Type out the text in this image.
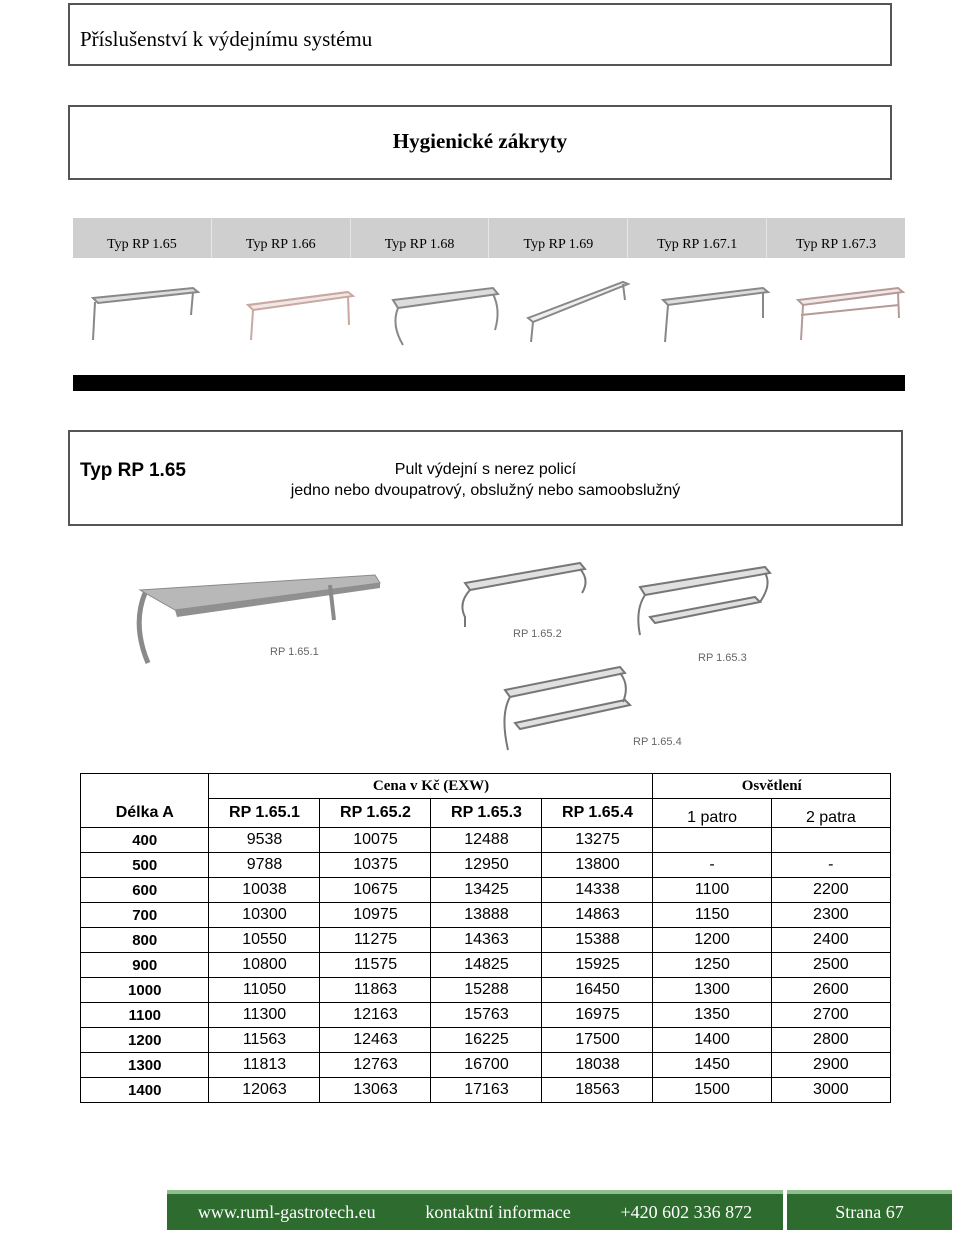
Příslušenství k výdejnímu systému
Hygienické zákryty
Typ RP 1.65	Typ RP 1.66	Typ RP 1.68	Typ RP 1.69	Typ RP 1.67.1	Typ RP 1.67.3
Typ RP 1.65	Pult výdejní s nerez policí
jedno nebo dvoupatrový, obslužný nebo samoobslužný
RP 1.65.1
RP 1.65.2
RP 1.65.3
RP 1.65.4
	Cena v Kč (EXW)				Osvětlení	
Délka A	RP 1.65.1	RP 1.65.2	RP 1.65.3	RP 1.65.4	1 patro	2 patra
400	9538	10075	12488	13275		
500	9788	10375	12950	13800	-	-
600	10038	10675	13425	14338	1100	2200
700	10300	10975	13888	14863	1150	2300
800	10550	11275	14363	15388	1200	2400
900	10800	11575	14825	15925	1250	2500
1000	11050	11863	15288	16450	1300	2600
1100	11300	12163	15763	16975	1350	2700
1200	11563	12463	16225	17500	1400	2800
1300	11813	12763	16700	18038	1450	2900
1400	12063	13063	17163	18563	1500	3000
www.ruml-gastrotech.eu	kontaktní informace	+420 602 336 872	Strana 67
